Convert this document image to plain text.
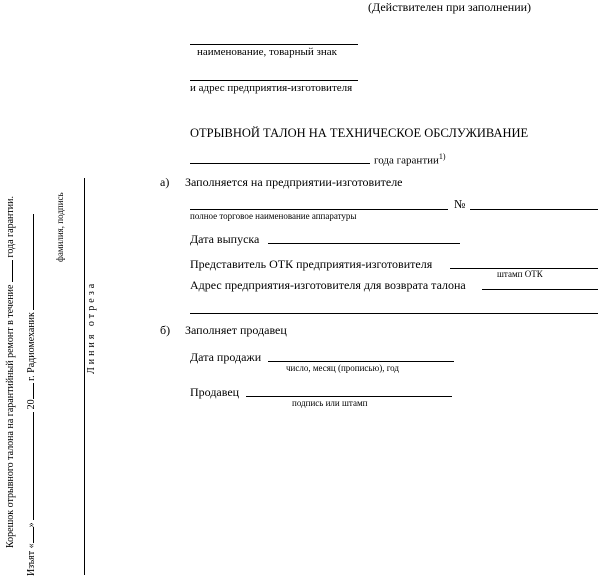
(Действителен при заполнении)
наименование, товарный знак
и адрес предприятия-изготовителя
ОТРЫВНОЙ ТАЛОН НА ТЕХНИЧЕСКОЕ ОБСЛУЖИВАНИЕ
года гарантии$^{1)}$
а) Заполняется на предприятии-изготовителе
№
полное торговое наименование аппаратуры
Дата выпуска
Представитель ОТК предприятия-изготовителя
штамп ОТК
Адрес предприятия-изготовителя для возврата талона
б) Заполняет продавец
Дата продажи
число, месяц (прописью), год
Продавец
подпись или штамп
Корешок отрывного талона на гарантийный ремонт в течение  года гарантии.
Изъят «»  20 г. Радиомеханик
фамилия, подпись
Линия отреза
